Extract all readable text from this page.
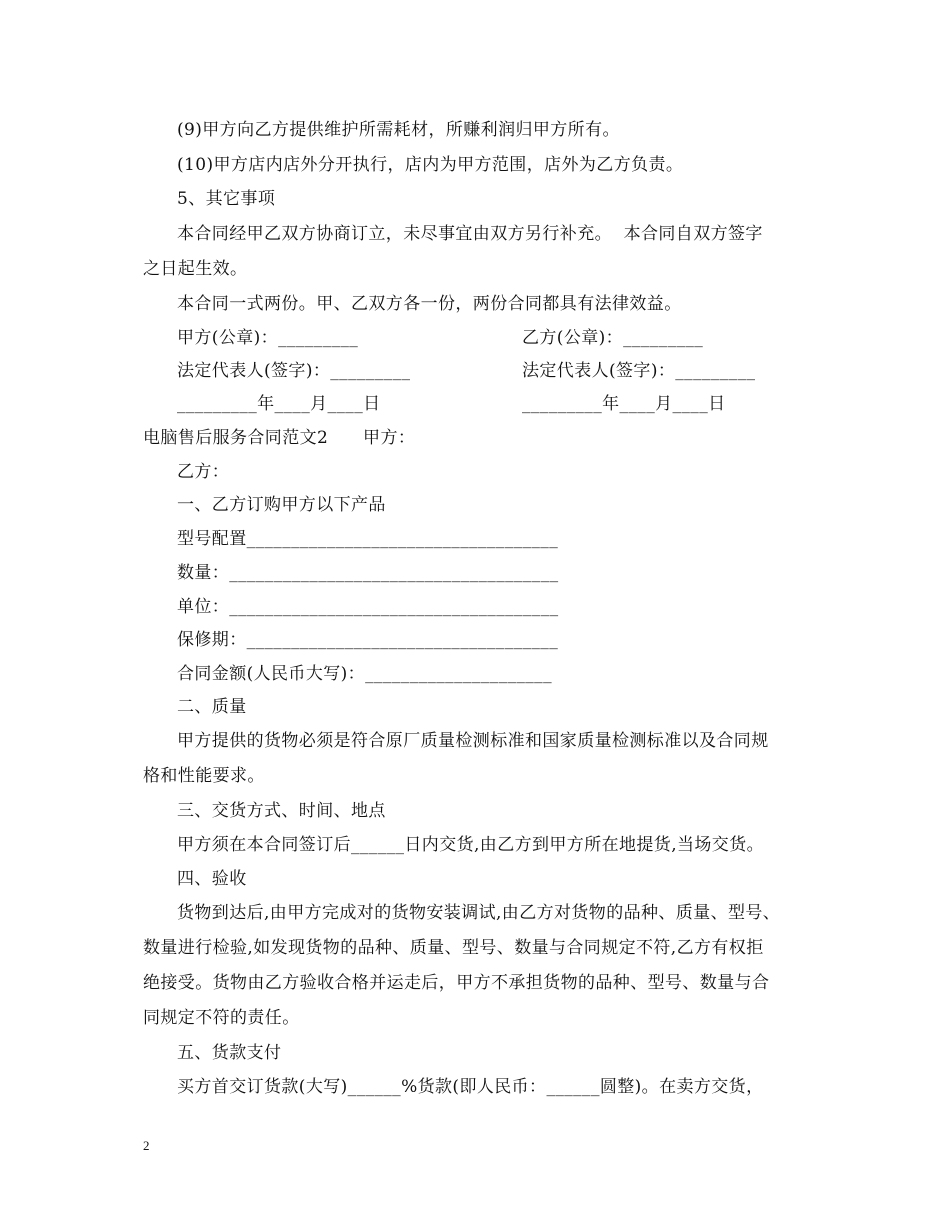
(9)甲方向乙方提供维护所需耗材，所赚利润归甲方所有。
(10)甲方店内店外分开执行，店内为甲方范围，店外为乙方负责。
5、其它事项
本合同经甲乙双方协商订立，未尽事宜由双方另行补充。  本合同自双方签字
之日起生效。
本合同一式两份。甲、乙双方各一份，两份合同都具有法律效益。
甲方(公章)：_________	乙方(公章)：_________
法定代表人(签字)：_________	法定代表人(签字)：_________
_________年____月____日	_________年____月____日
电脑售后服务合同范文2      甲方：
乙方：
一、乙方订购甲方以下产品
型号配置___________________________________
数量：_____________________________________
单位：_____________________________________
保修期：___________________________________
合同金额(人民币大写)：_____________________
二、质量
甲方提供的货物必须是符合原厂质量检测标准和国家质量检测标准以及合同规
格和性能要求。
三、交货方式、时间、地点
甲方须在本合同签订后______日内交货,由乙方到甲方所在地提货,当场交货。
四、验收
货物到达后,由甲方完成对的货物安装调试,由乙方对货物的品种、质量、型号、
数量进行检验,如发现货物的品种、质量、型号、数量与合同规定不符,乙方有权拒
绝接受。货物由乙方验收合格并运走后，甲方不承担货物的品种、型号、数量与合
同规定不符的责任。
五、货款支付
买方首交订货款(大写)______%货款(即人民币：______圆整)。在卖方交货，
2
